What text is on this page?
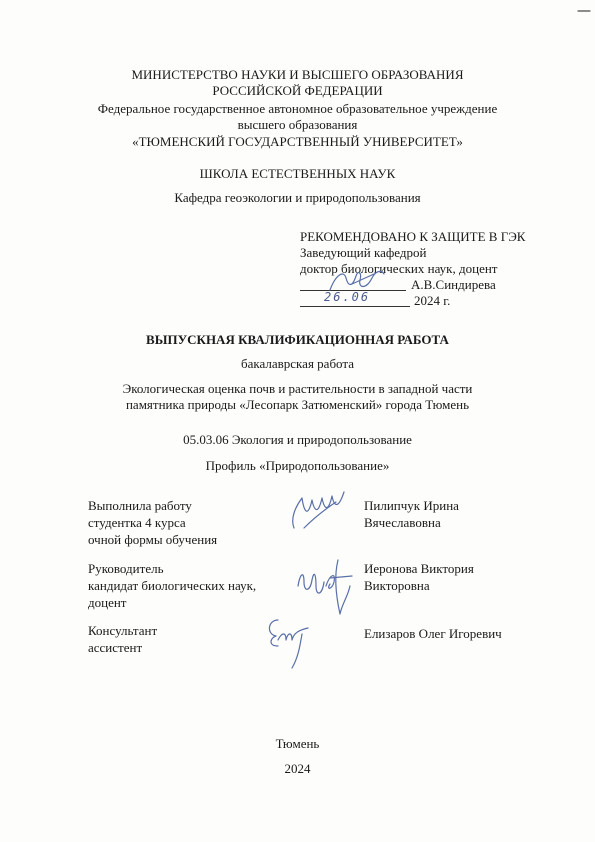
МИНИСТЕРСТВО НАУКИ И ВЫСШЕГО ОБРАЗОВАНИЯ
РОССИЙСКОЙ ФЕДЕРАЦИИ
Федеральное государственное автономное образовательное учреждение
высшего образования
«ТЮМЕНСКИЙ ГОСУДАРСТВЕННЫЙ УНИВЕРСИТЕТ»
ШКОЛА ЕСТЕСТВЕННЫХ НАУК
Кафедра геоэкологии и природопользования
РЕКОМЕНДОВАНО К ЗАЩИТЕ В ГЭК
Заведующий кафедрой
доктор биологических наук, доцент
А.В.Синдирева
26.06	2024 г.
ВЫПУСКНАЯ КВАЛИФИКАЦИОННАЯ РАБОТА
бакалаврская работа
Экологическая оценка почв и растительности в западной части
памятника природы «Лесопарк Затюменский» города Тюмень
05.03.06 Экология и природопользование
Профиль «Природопользование»
Выполнила работу
студентка 4 курса
очной формы обучения
Пилипчук Ирина
Вячеславовна
Руководитель
кандидат биологических наук,
доцент
Иеронова Виктория
Викторовна
Консультант
ассистент
Елизаров Олег Игоревич
Тюмень
2024
